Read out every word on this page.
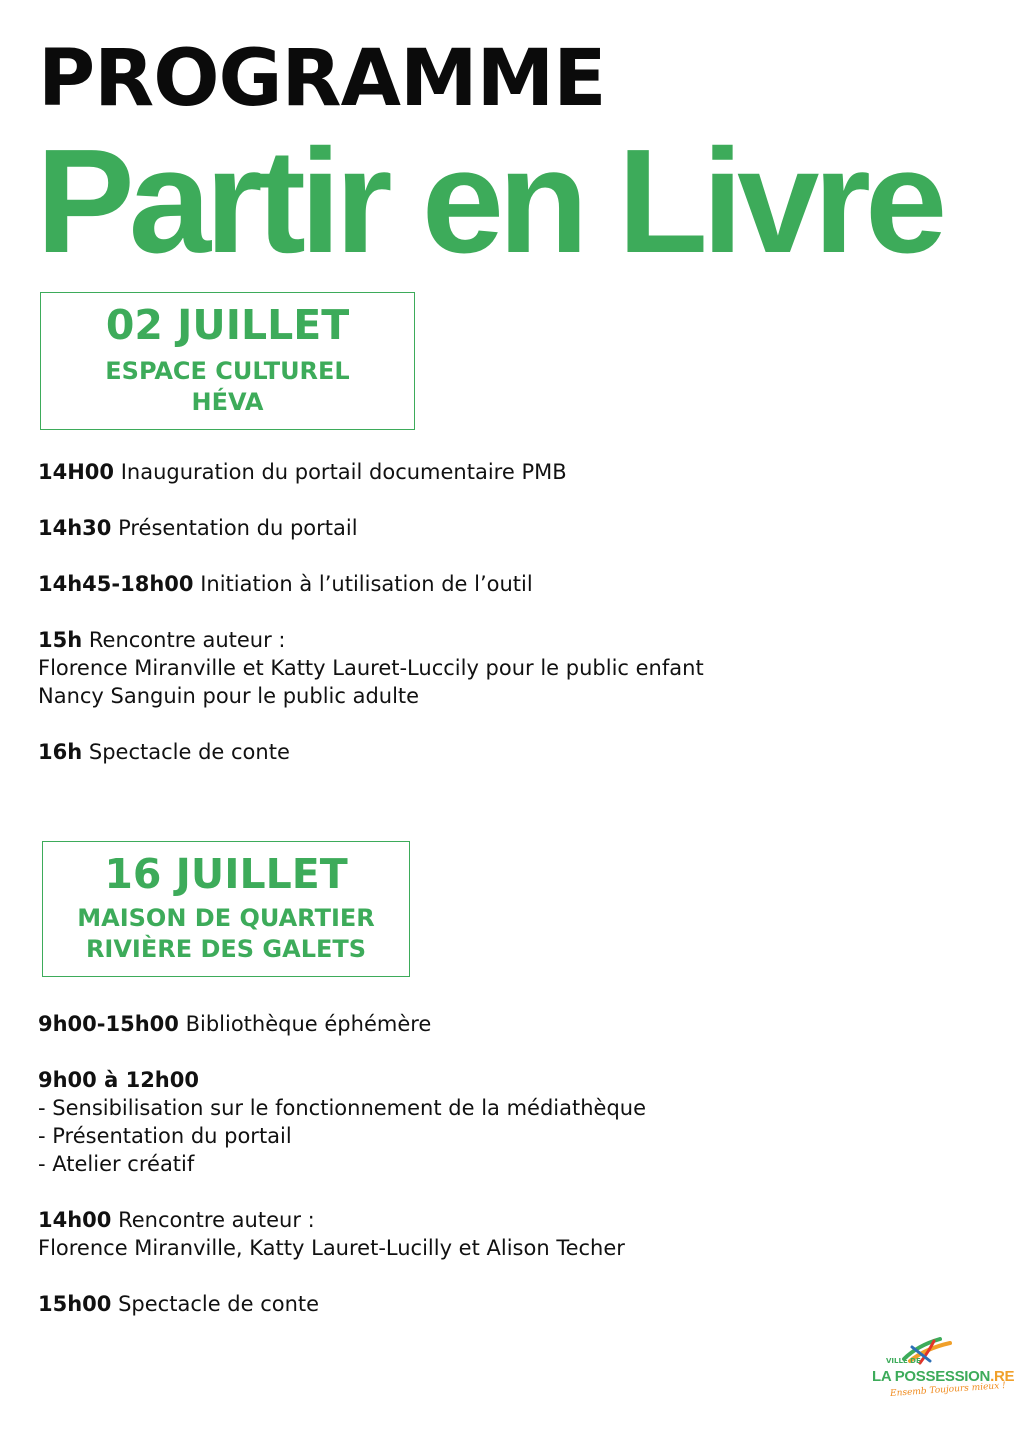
PROGRAMME
Partir en Livre
02 JUILLET
ESPACE CULTUREL
HÉVA
14H00 Inauguration du portail documentaire PMB
14h30 Présentation du portail
14h45-18h00 Initiation à l’utilisation de l’outil
15h Rencontre auteur :
Florence Miranville et Katty Lauret-Luccily pour le public enfant
Nancy Sanguin pour le public adulte
16h Spectacle de conte
16 JUILLET
MAISON DE QUARTIER
RIVIÈRE DES GALETS
9h00-15h00 Bibliothèque éphémère
9h00 à 12h00
- Sensibilisation sur le fonctionnement de la médiathèque
- Présentation du portail
- Atelier créatif
14h00 Rencontre auteur :
Florence Miranville, Katty Lauret-Lucilly et Alison Techer
15h00 Spectacle de conte
VILLE DE
LA POSSESSION.RE
Ensemb Toujours mieux !
